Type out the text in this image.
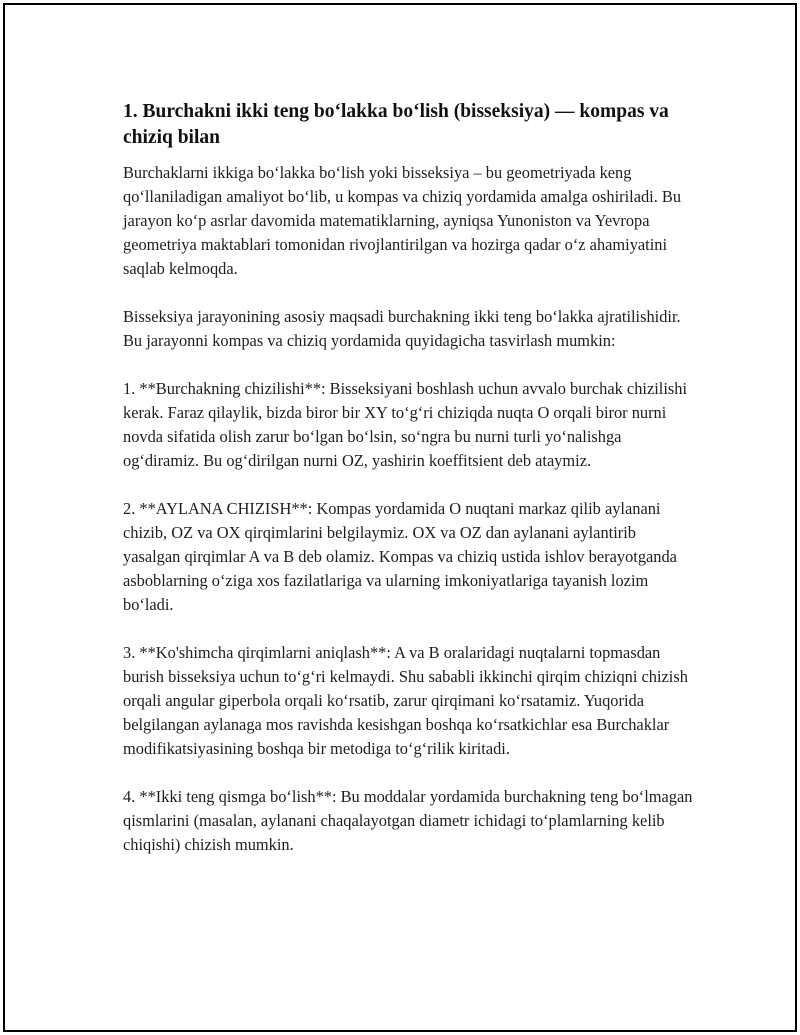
1. Burchakni ikki teng bo‘lakka bo‘lish (bisseksiya) — kompas va chiziq bilan

Burchaklarni ikkiga bo‘lakka bo‘lish yoki bisseksiya – bu geometriyada keng qo‘llaniladigan amaliyot bo‘lib, u kompas va chiziq yordamida amalga oshiriladi. Bu jarayon ko‘p asrlar davomida matematiklarning, ayniqsa Yunoniston va Yevropa geometriya maktablari tomonidan rivojlantirilgan va hozirga qadar o‘z ahamiyatini saqlab kelmoqda.

Bisseksiya jarayonining asosiy maqsadi burchakning ikki teng bo‘lakka ajratilishidir. Bu jarayonni kompas va chiziq yordamida quyidagicha tasvirlash mumkin:

1. **Burchakning chizilishi**: Bisseksiyani boshlash uchun avvalo burchak chizilishi kerak. Faraz qilaylik, bizda biror bir XY to‘g‘ri chiziqda nuqta O orqali biror nurni novda sifatida olish zarur bo‘lgan bo‘lsin, so‘ngra bu nurni turli yo‘nalishga og‘diramiz. Bu og‘dirilgan nurni OZ, yashirin koeffitsient deb ataymiz.

2. **AYLANA CHIZISH**: Kompas yordamida O nuqtani markaz qilib aylanani chizib, OZ va OX qirqimlarini belgilaymiz. OX va OZ dan aylanani aylantirib yasalgan qirqimlar A va B deb olamiz. Kompas va chiziq ustida ishlov berayotganda asboblarning o‘ziga xos fazilatlariga va ularning imkoniyatlariga tayanish lozim bo‘ladi.

3. **Ko'shimcha qirqimlarni aniqlash**: A va B oralaridagi nuqtalarni topmasdan burish bisseksiya uchun to‘g‘ri kelmaydi. Shu sababli ikkinchi qirqim chiziqni chizish orqali angular giperbola orqali ko‘rsatib, zarur qirqimani ko‘rsatamiz. Yuqorida belgilangan aylanaga mos ravishda kesishgan boshqa ko‘rsatkichlar esa Burchaklar modifikatsiyasining boshqa bir metodiga to‘g‘rilik kiritadi.

4. **Ikki teng qismga bo‘lish**: Bu moddalar yordamida burchakning teng bo‘lmagan qismlarini (masalan, aylanani chaqalayotgan diametr ichidagi to‘plamlarning kelib chiqishi) chizish mumkin.
